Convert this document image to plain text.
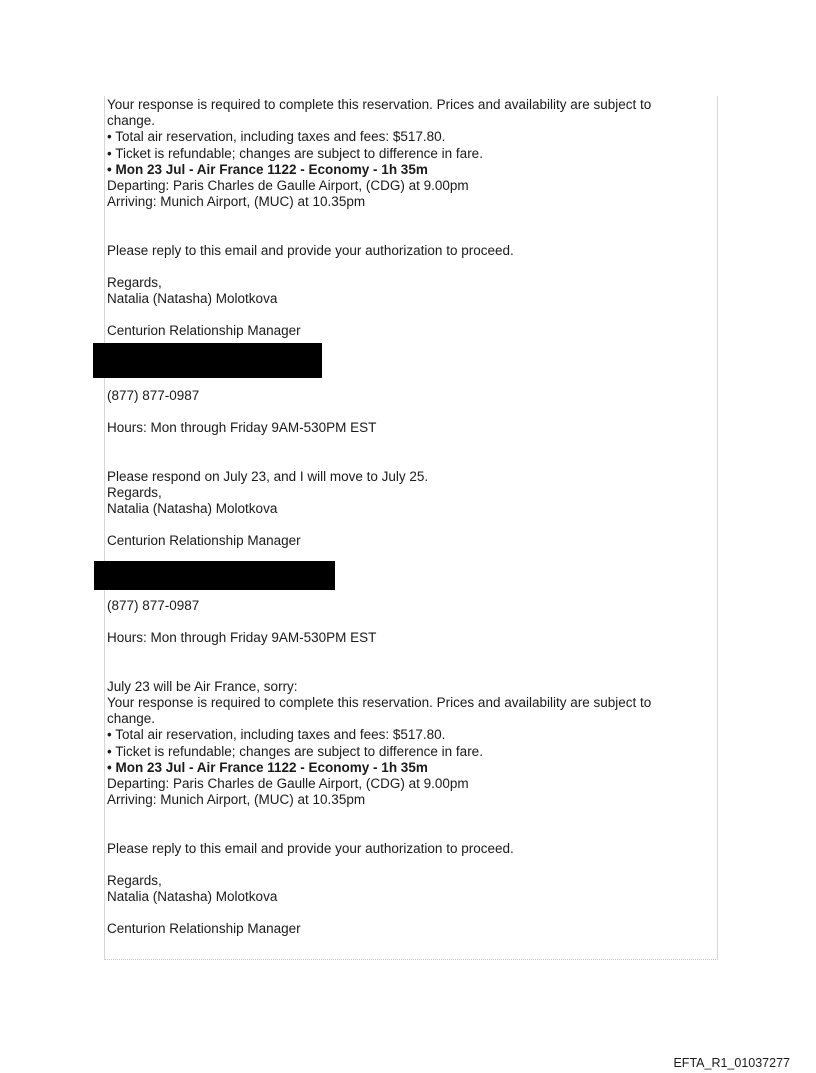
Your response is required to complete this reservation. Prices and availability are subject to
change.
• Total air reservation, including taxes and fees: $517.80.
• Ticket is refundable; changes are subject to difference in fare.
• Mon 23 Jul - Air France 1122 - Economy - 1h 35m
Departing: Paris Charles de Gaulle Airport, (CDG) at 9.00pm
Arriving: Munich Airport, (MUC) at 10.35pm
Please reply to this email and provide your authorization to proceed.
Regards,
Natalia (Natasha) Molotkova
Centurion Relationship Manager
(877) 877-0987
Hours: Mon through Friday 9AM-530PM EST
Please respond on July 23, and I will move to July 25.
Regards,
Natalia (Natasha) Molotkova
Centurion Relationship Manager
(877) 877-0987
Hours: Mon through Friday 9AM-530PM EST
July 23 will be Air France, sorry:
Your response is required to complete this reservation. Prices and availability are subject to
change.
• Total air reservation, including taxes and fees: $517.80.
• Ticket is refundable; changes are subject to difference in fare.
• Mon 23 Jul - Air France 1122 - Economy - 1h 35m
Departing: Paris Charles de Gaulle Airport, (CDG) at 9.00pm
Arriving: Munich Airport, (MUC) at 10.35pm
Please reply to this email and provide your authorization to proceed.
Regards,
Natalia (Natasha) Molotkova
Centurion Relationship Manager
EFTA_R1_01037277
